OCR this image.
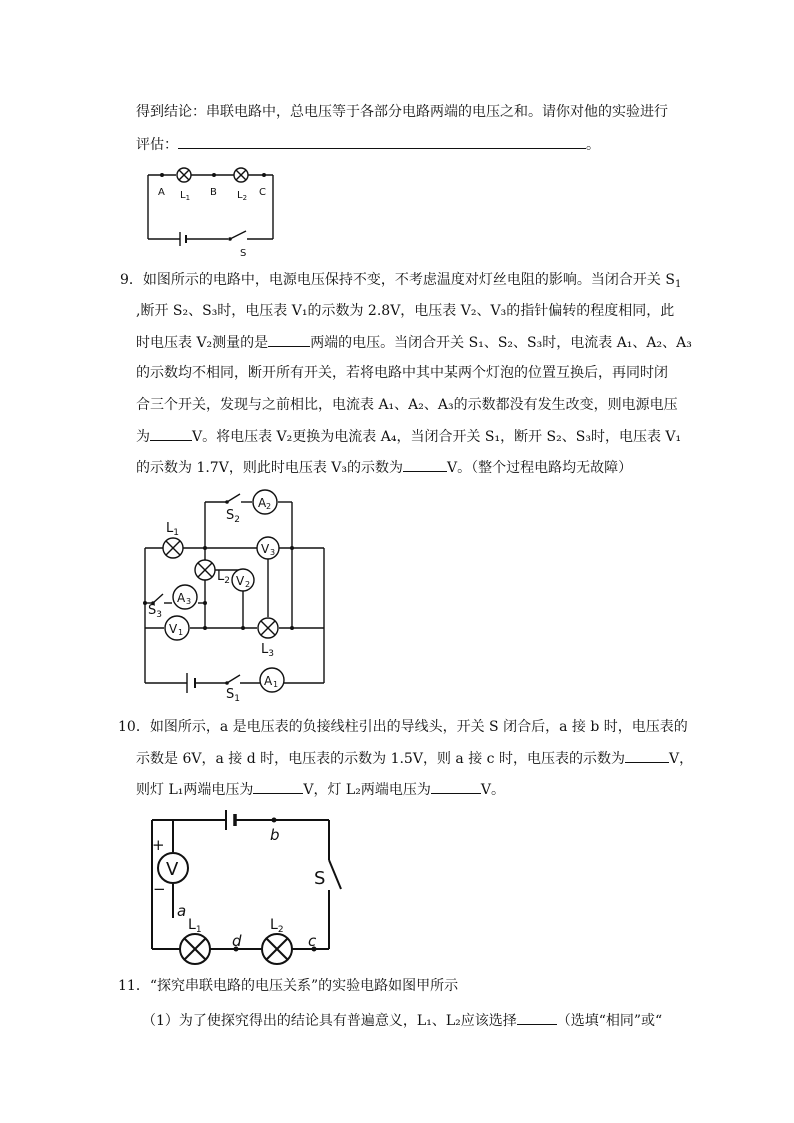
得到结论：串联电路中，总电压等于各部分电路两端的电压之和。请你对他的实验进行
评估：	。
A $L_1$ B $L_2$ C
S
9．如图所示的电路中，电源电压保持不变，不考虑温度对灯丝电阻的影响。当闭合开关 $S_1$
,断开 S₂、S₃时，电压表 V₁的示数为 2.8V，电压表 V₂、V₃的指针偏转的程度相同，此
时电压表 V₂测量的是	两端的电压。当闭合开关 S₁、S₂、S₃时，电流表 A₁、A₂、A₃
的示数均不相同，断开所有开关，若将电路中其中某两个灯泡的位置互换后，再同时闭
合三个开关，发现与之前相比，电流表 A₁、A₂、A₃的示数都没有发生改变，则电源电压
为	V。将电压表 V₂更换为电流表 A₄，当闭合开关 S₁，断开 S₂、S₃时，电压表 V₁
的示数为 1.7V，则此时电压表 V₃的示数为	V。（整个过程电路均无故障）
A 2
V 3
V 2
A 3
V 1
A 1
$L_1$
$L_2$
$L_3$
$S_2$
$S_3$
$S_1$
10．如图所示，a 是电压表的负接线柱引出的导线头，开关 S 闭合后，a 接 b 时，电压表的
示数是 6V，a 接 d 时，电压表的示数为 1.5V，则 a 接 c 时，电压表的示数为	V，
则灯 L₁两端电压为	V，灯 L₂两端电压为	V。
V
+
−
a
b
S
$L_1$	$L_2$
d	c
11．“探究串联电路的电压关系”的实验电路如图甲所示
（1）为了使探究得出的结论具有普遍意义，L₁、L₂应该选择	（选填“相同”或“
